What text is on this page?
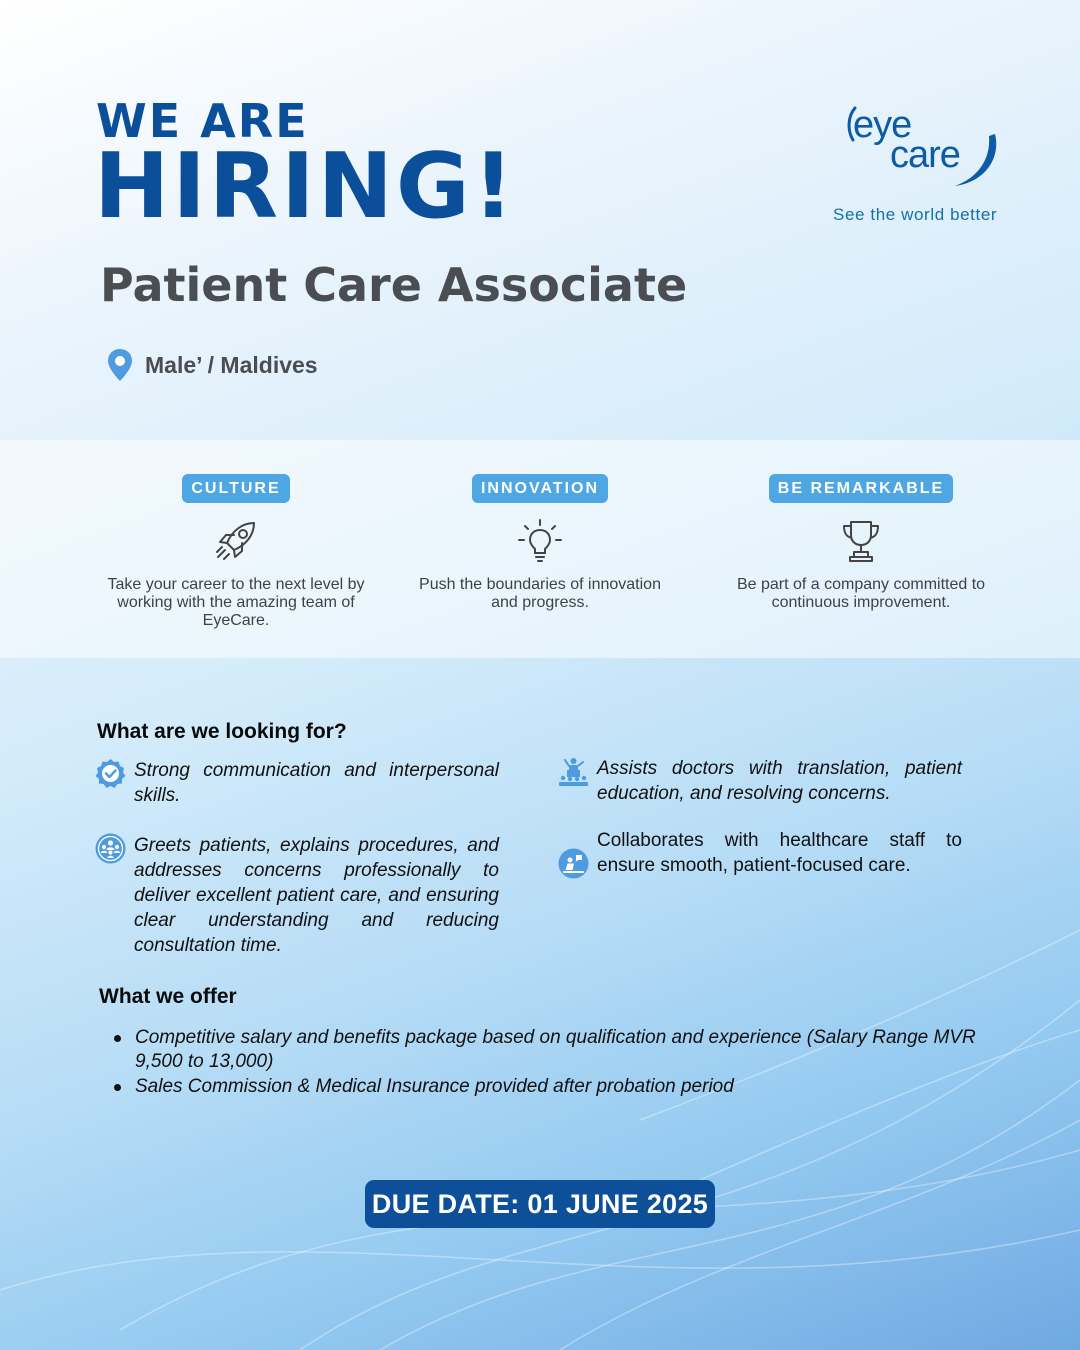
WE ARE
HIRING!
Patient Care Associate
Male’ / Maldives
eye
care
See the world better
CULTURE
Take your career to the next level by working with the amazing team of EyeCare.
INNOVATION
Push the boundaries of innovation and progress.
BE REMARKABLE
Be part of a company committed to continuous improvement.
What are we looking for?
Strong communication and interpersonal skills.
Greets patients, explains procedures, and addresses concerns professionally to deliver excellent patient care, and ensuring clear understanding and reducing consultation time.
Assists doctors with translation, patient education, and resolving concerns.
Collaborates with healthcare staff to ensure smooth, patient-focused care.
What we offer
Competitive salary and benefits package based on qualification and experience (Salary Range MVR 9,500 to 13,000)
Sales Commission & Medical Insurance provided after probation period
DUE DATE: 01 JUNE 2025
